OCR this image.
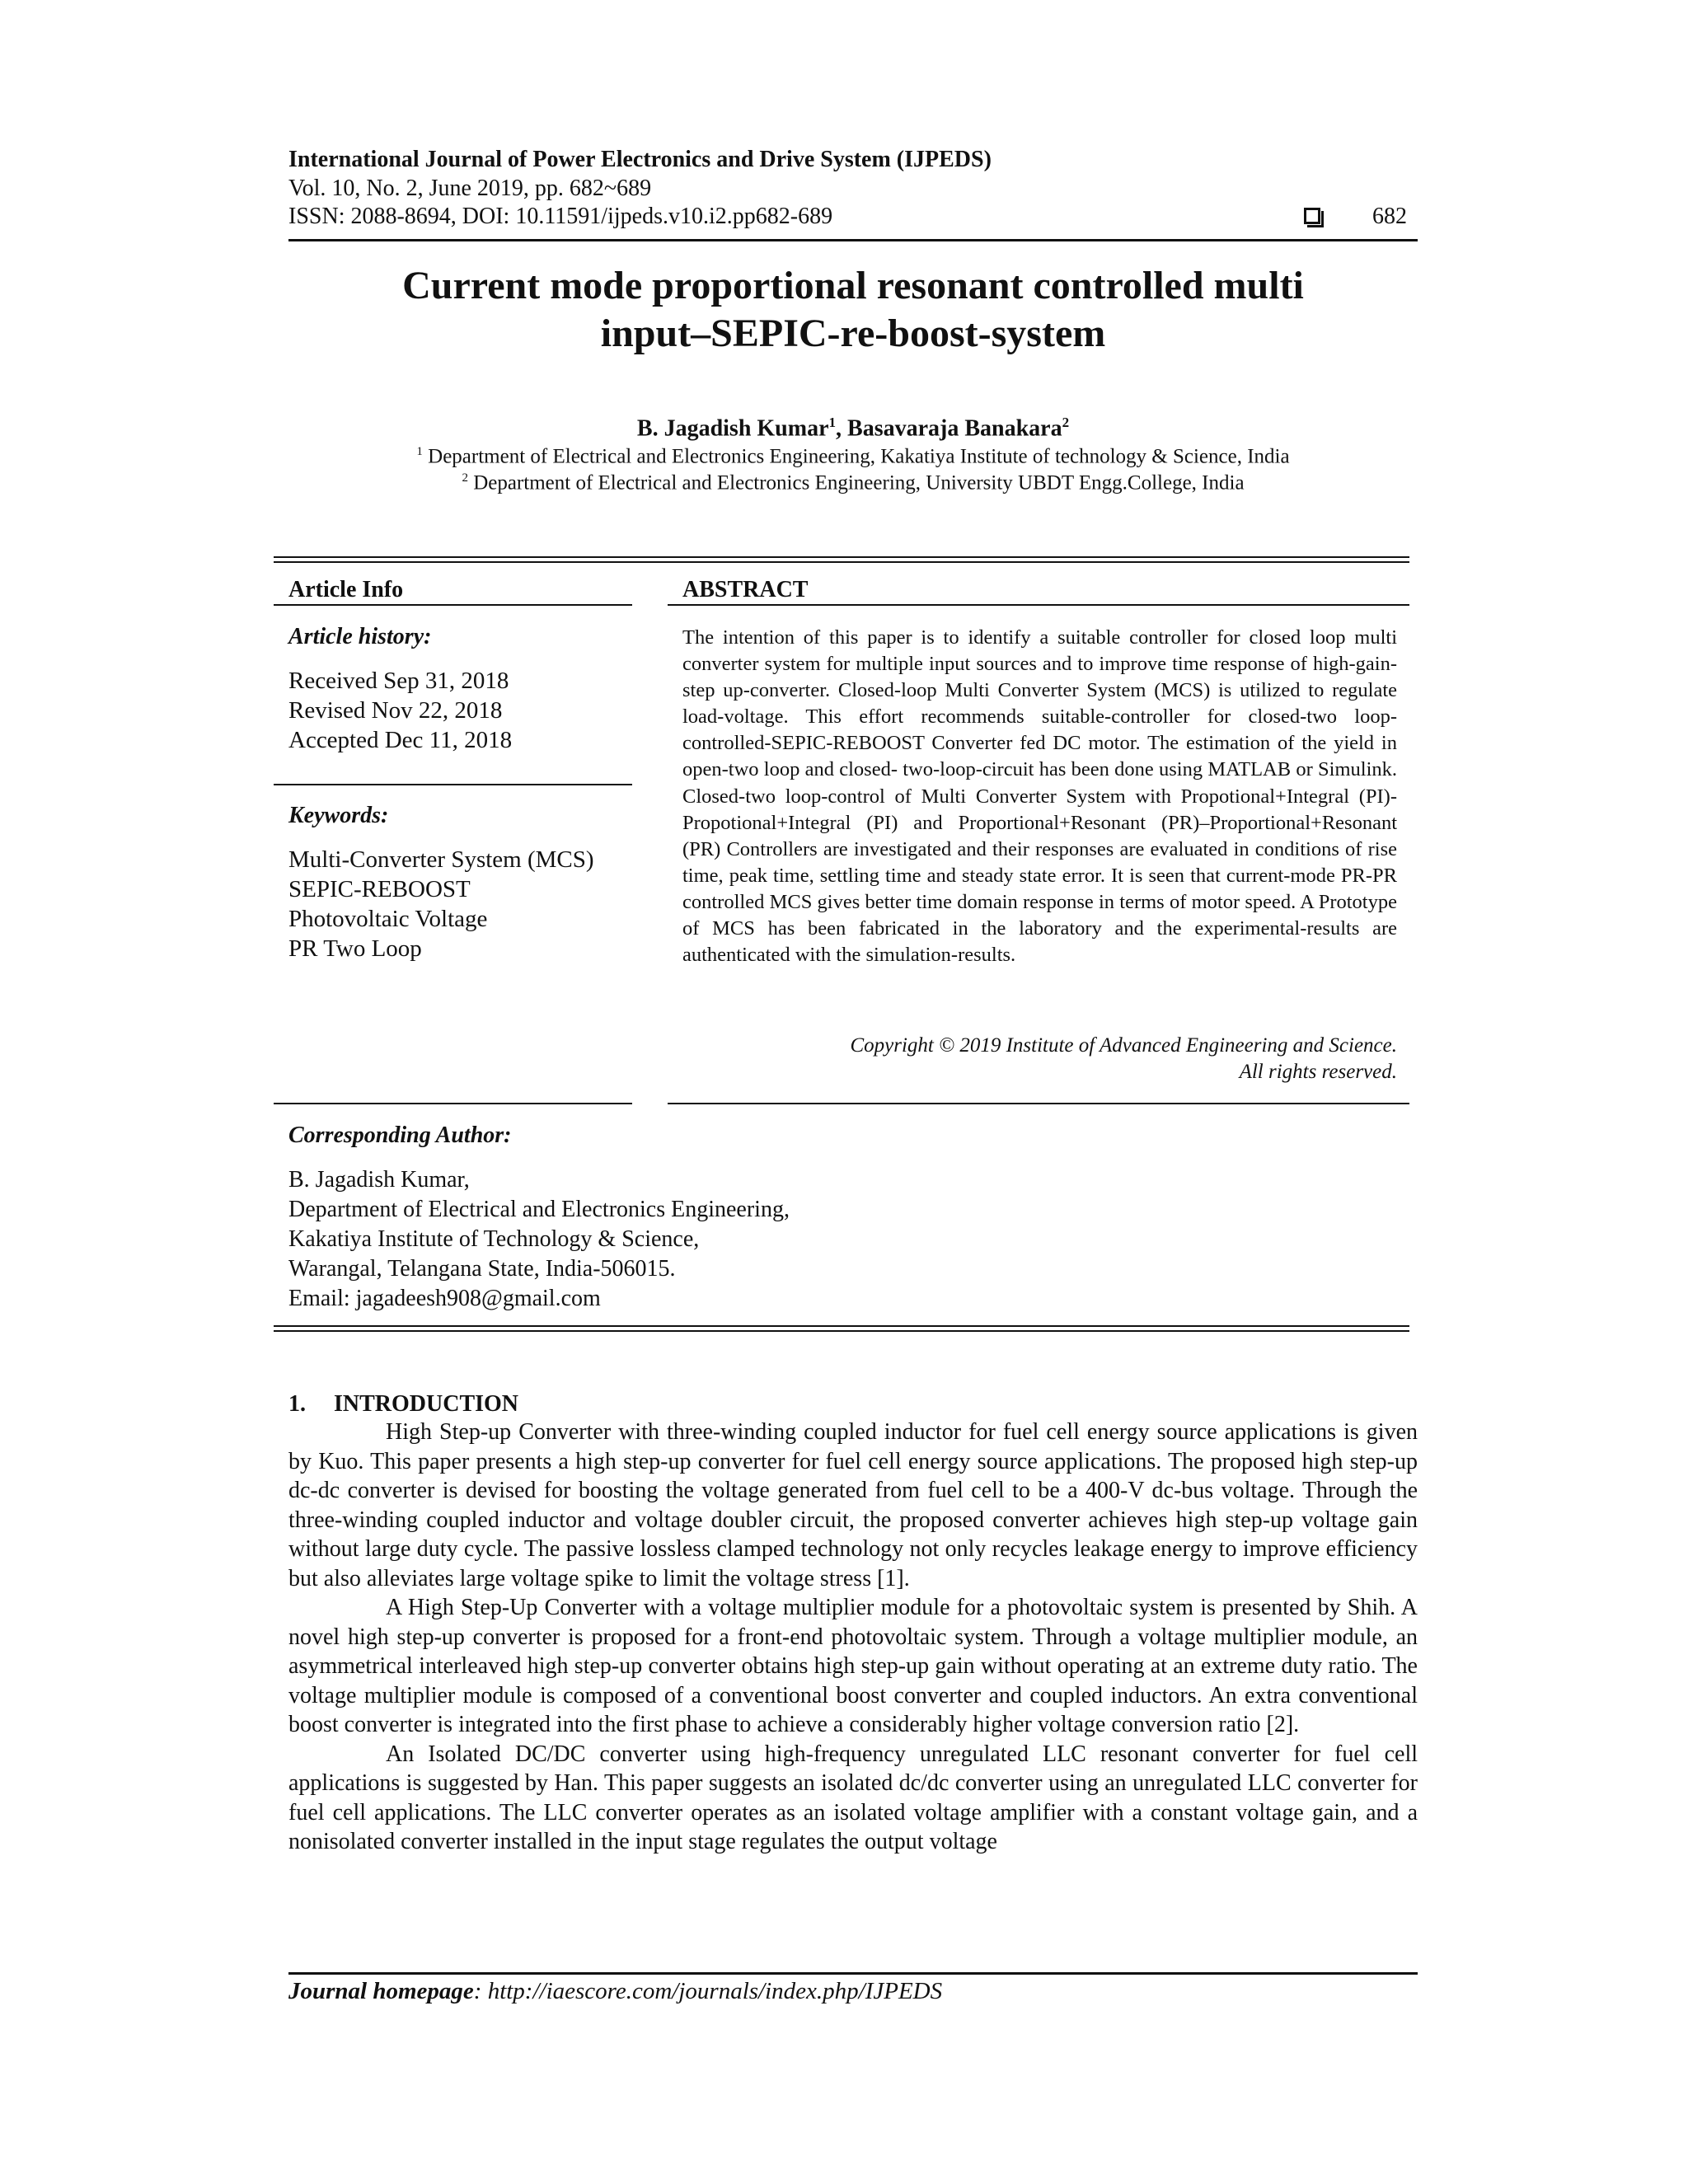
International Journal of Power Electronics and Drive System (IJPEDS)
Vol. 10, No. 2, June 2019, pp. 682~689
ISSN: 2088-8694, DOI: 10.11591/ijpeds.v10.i2.pp682-689	682
Current mode proportional resonant controlled multi
input–SEPIC-re-boost-system
B. Jagadish Kumar$^1$, Basavaraja Banakara$^2$
$^1$ Department of Electrical and Electronics Engineering, Kakatiya Institute of technology & Science, India
$^2$ Department of Electrical and Electronics Engineering, University UBDT Engg.College, India
Article Info	ABSTRACT
Article history:
Received Sep 31, 2018
Revised Nov 22, 2018
Accepted Dec 11, 2018
Keywords:
Multi-Converter System (MCS)
SEPIC-REBOOST
Photovoltaic Voltage
PR Two Loop
The intention of this paper is to identify a suitable controller for closed loop multi converter system for multiple input sources and to improve time response of high-gain-step up-converter. Closed-loop Multi Converter System (MCS) is utilized to regulate load-voltage. This effort recommends suitable-controller for closed-two loop-controlled-SEPIC-REBOOST Converter fed DC motor. The estimation of the yield in open-two loop and closed- two-loop-circuit has been done using MATLAB or Simulink. Closed-two loop-control of Multi Converter System with Propotional+Integral (PI)-Propotional+Integral (PI) and Proportional+Resonant (PR)–Proportional+Resonant (PR) Controllers are investigated and their responses are evaluated in conditions of rise time, peak time, settling time and steady state error. It is seen that current-mode PR-PR controlled MCS gives better time domain response in terms of motor speed. A Prototype of MCS has been fabricated in the laboratory and the experimental-results are authenticated with the simulation-results.
Copyright © 2019 Institute of Advanced Engineering and Science.
All rights reserved.
Corresponding Author:
B. Jagadish Kumar,
Department of Electrical and Electronics Engineering,
Kakatiya Institute of Technology & Science,
Warangal, Telangana State, India-506015.
Email: jagadeesh908@gmail.com
1. INTRODUCTION

High Step-up Converter with three-winding coupled inductor for fuel cell energy source applications is given by Kuo. This paper presents a high step-up converter for fuel cell energy source applications. The proposed high step-up dc-dc converter is devised for boosting the voltage generated from fuel cell to be a 400-V dc-bus voltage. Through the three-winding coupled inductor and voltage doubler circuit, the proposed converter achieves high step-up voltage gain without large duty cycle. The passive lossless clamped technology not only recycles leakage energy to improve efficiency but also alleviates large voltage spike to limit the voltage stress [1].

A High Step-Up Converter with a voltage multiplier module for a photovoltaic system is presented by Shih. A novel high step-up converter is proposed for a front-end photovoltaic system. Through a voltage multiplier module, an asymmetrical interleaved high step-up converter obtains high step-up gain without operating at an extreme duty ratio. The voltage multiplier module is composed of a conventional boost converter and coupled inductors. An extra conventional boost converter is integrated into the first phase to achieve a considerably higher voltage conversion ratio [2].

An Isolated DC/DC converter using high-frequency unregulated LLC resonant converter for fuel cell applications is suggested by Han. This paper suggests an isolated dc/dc converter using an unregulated LLC converter for fuel cell applications. The LLC converter operates as an isolated voltage amplifier with a constant voltage gain, and a nonisolated converter installed in the input stage regulates the output voltage

Journal homepage: http://iaescore.com/journals/index.php/IJPEDS
